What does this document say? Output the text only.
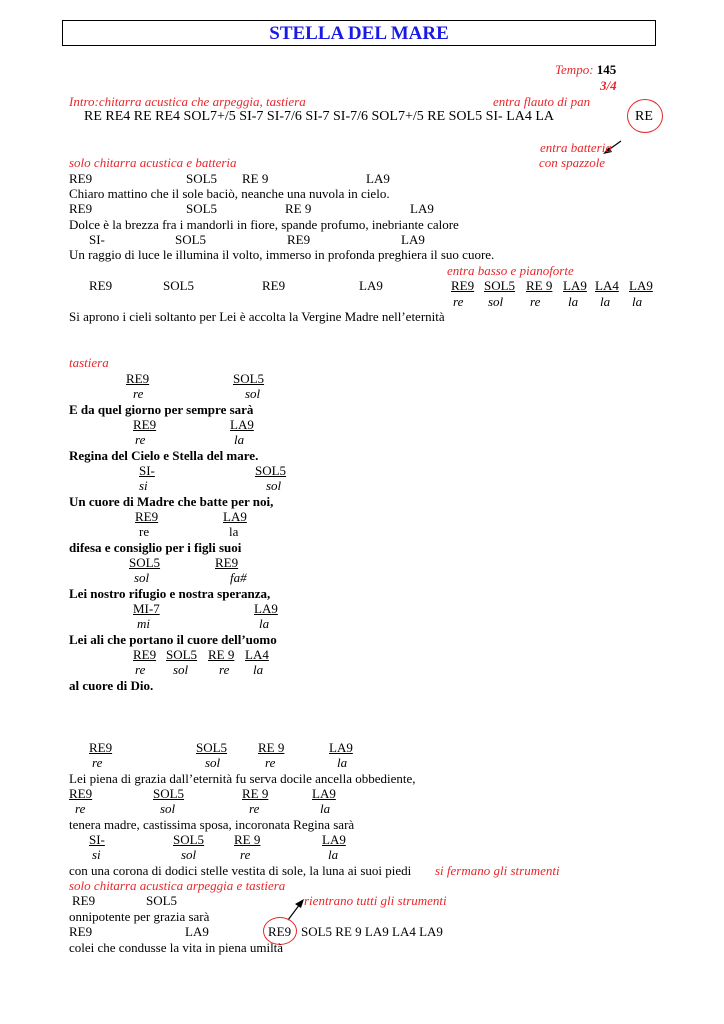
STELLA DEL MARE
Tempo: 145
3/4
Intro:chitarra acustica che arpeggia, tastiera	entra flauto di pan
RE RE4 RE RE4 SOL7+/5 SI-7 SI-7/6 SI-7 SI-7/6 SOL7+/5 RE SOL5 SI- LA4 LA	RE
entra batteria
con spazzole
solo chitarra acustica e batteria
RE9	SOL5 RE 9	LA9
Chiaro mattino che il sole baciò, neanche una nuvola in cielo.
RE9	SOL5	RE 9	LA9
Dolce è la brezza fra i mandorli in fiore, spande profumo, inebriante calore
SI-	SOL5	RE9	LA9
Un raggio di luce le illumina il volto, immerso in profonda preghiera il suo cuore.
entra basso e pianoforte
RE9	SOL5	RE9	LA9	RE9 SOL5 RE 9 LA9 LA4 LA9
re sol re la la la
Si aprono i cieli soltanto per Lei è accolta la Vergine Madre nell’eternità
tastiera
RE9	SOL5
re	sol
E da quel giorno per sempre sarà
RE9	LA9
re	la
Regina del Cielo e Stella del mare.
SI-	SOL5
si	sol
Un cuore di Madre che batte per noi,
RE9	LA9
re	la
difesa e consiglio per i figli suoi
SOL5	RE9
sol	fa#
Lei nostro rifugio e nostra speranza,
MI-7	LA9
mi	la
Lei ali che portano il cuore dell’uomo
RE9 SOL5 RE 9 LA4
re sol re la
al cuore di Dio.
RE9	SOL5 RE 9	LA9
re	sol	re	la
Lei piena di grazia dall’eternità fu serva docile ancella obbediente,
RE9	SOL5	RE 9	LA9
re	sol	re	la
tenera madre, castissima sposa, incoronata Regina sarà
SI-	SOL5 RE 9	LA9
si	sol	re	la
con una corona di dodici stelle vestita di sole, la luna ai suoi piedi si fermano gli strumenti
solo chitarra acustica arpeggia e tastiera
RE9	SOL5	rientrano tutti gli strumenti
onnipotente per grazia sarà
RE9	LA9	RE9 SOL5 RE 9 LA9 LA4 LA9
colei che condusse la vita in piena umiltà
